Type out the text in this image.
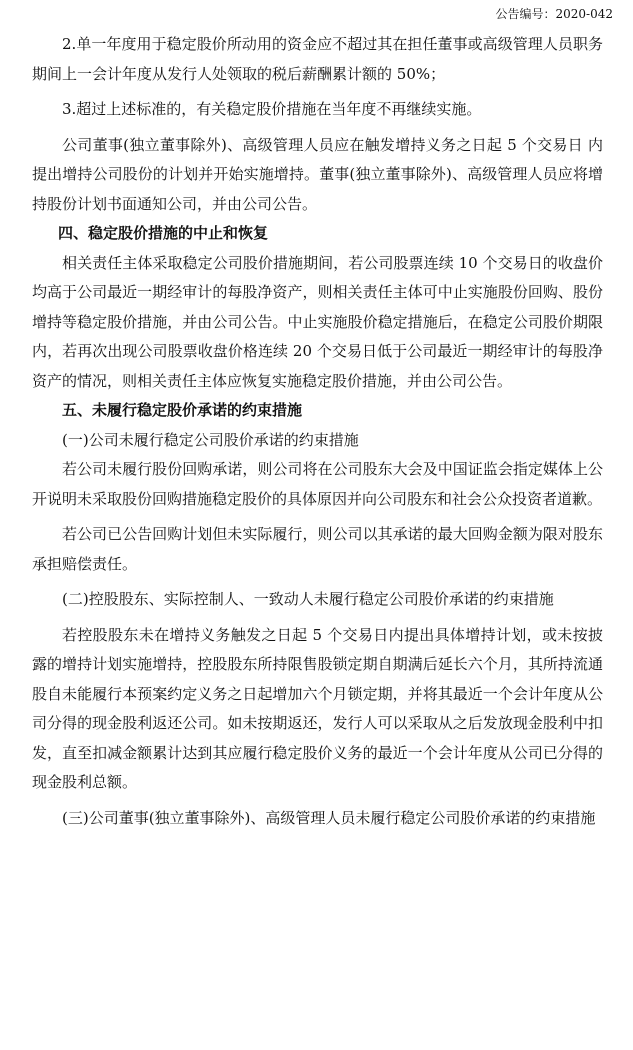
公告编号：2020-042

2.单一年度用于稳定股价所动用的资金应不超过其在担任董事或高级管理人员职务期间上一会计年度从发行人处领取的税后薪酬累计额的 50%；

3.超过上述标准的，有关稳定股价措施在当年度不再继续实施。

公司董事(独立董事除外)、高级管理人员应在触发增持义务之日起 5 个交易日 内提出增持公司股份的计划并开始实施增持。董事(独立董事除外)、高级管理人员应将增持股份计划书面通知公司，并由公司公告。

四、稳定股价措施的中止和恢复

相关责任主体采取稳定公司股价措施期间，若公司股票连续 10 个交易日的收盘价均高于公司最近一期经审计的每股净资产，则相关责任主体可中止实施股份回购、股份增持等稳定股价措施，并由公司公告。中止实施股价稳定措施后，在稳定公司股价期限内，若再次出现公司股票收盘价格连续 20 个交易日低于公司最近一期经审计的每股净资产的情况，则相关责任主体应恢复实施稳定股价措施，并由公司公告。

五、未履行稳定股价承诺的约束措施

(一)公司未履行稳定公司股价承诺的约束措施

若公司未履行股份回购承诺，则公司将在公司股东大会及中国证监会指定媒体上公开说明未采取股份回购措施稳定股价的具体原因并向公司股东和社会公众投资者道歉。

若公司已公告回购计划但未实际履行，则公司以其承诺的最大回购金额为限对股东承担赔偿责任。

(二)控股股东、实际控制人、一致动人未履行稳定公司股价承诺的约束措施

若控股股东未在增持义务触发之日起 5 个交易日内提出具体增持计划，或未按披露的增持计划实施增持，控股股东所持限售股锁定期自期满后延长六个月，其所持流通股自未能履行本预案约定义务之日起增加六个月锁定期，并将其最近一个会计年度从公司分得的现金股利返还公司。如未按期返还，发行人可以采取从之后发放现金股利中扣发，直至扣减金额累计达到其应履行稳定股价义务的最近一个会计年度从公司已分得的现金股利总额。

(三)公司董事(独立董事除外)、高级管理人员未履行稳定公司股价承诺的约束措施
